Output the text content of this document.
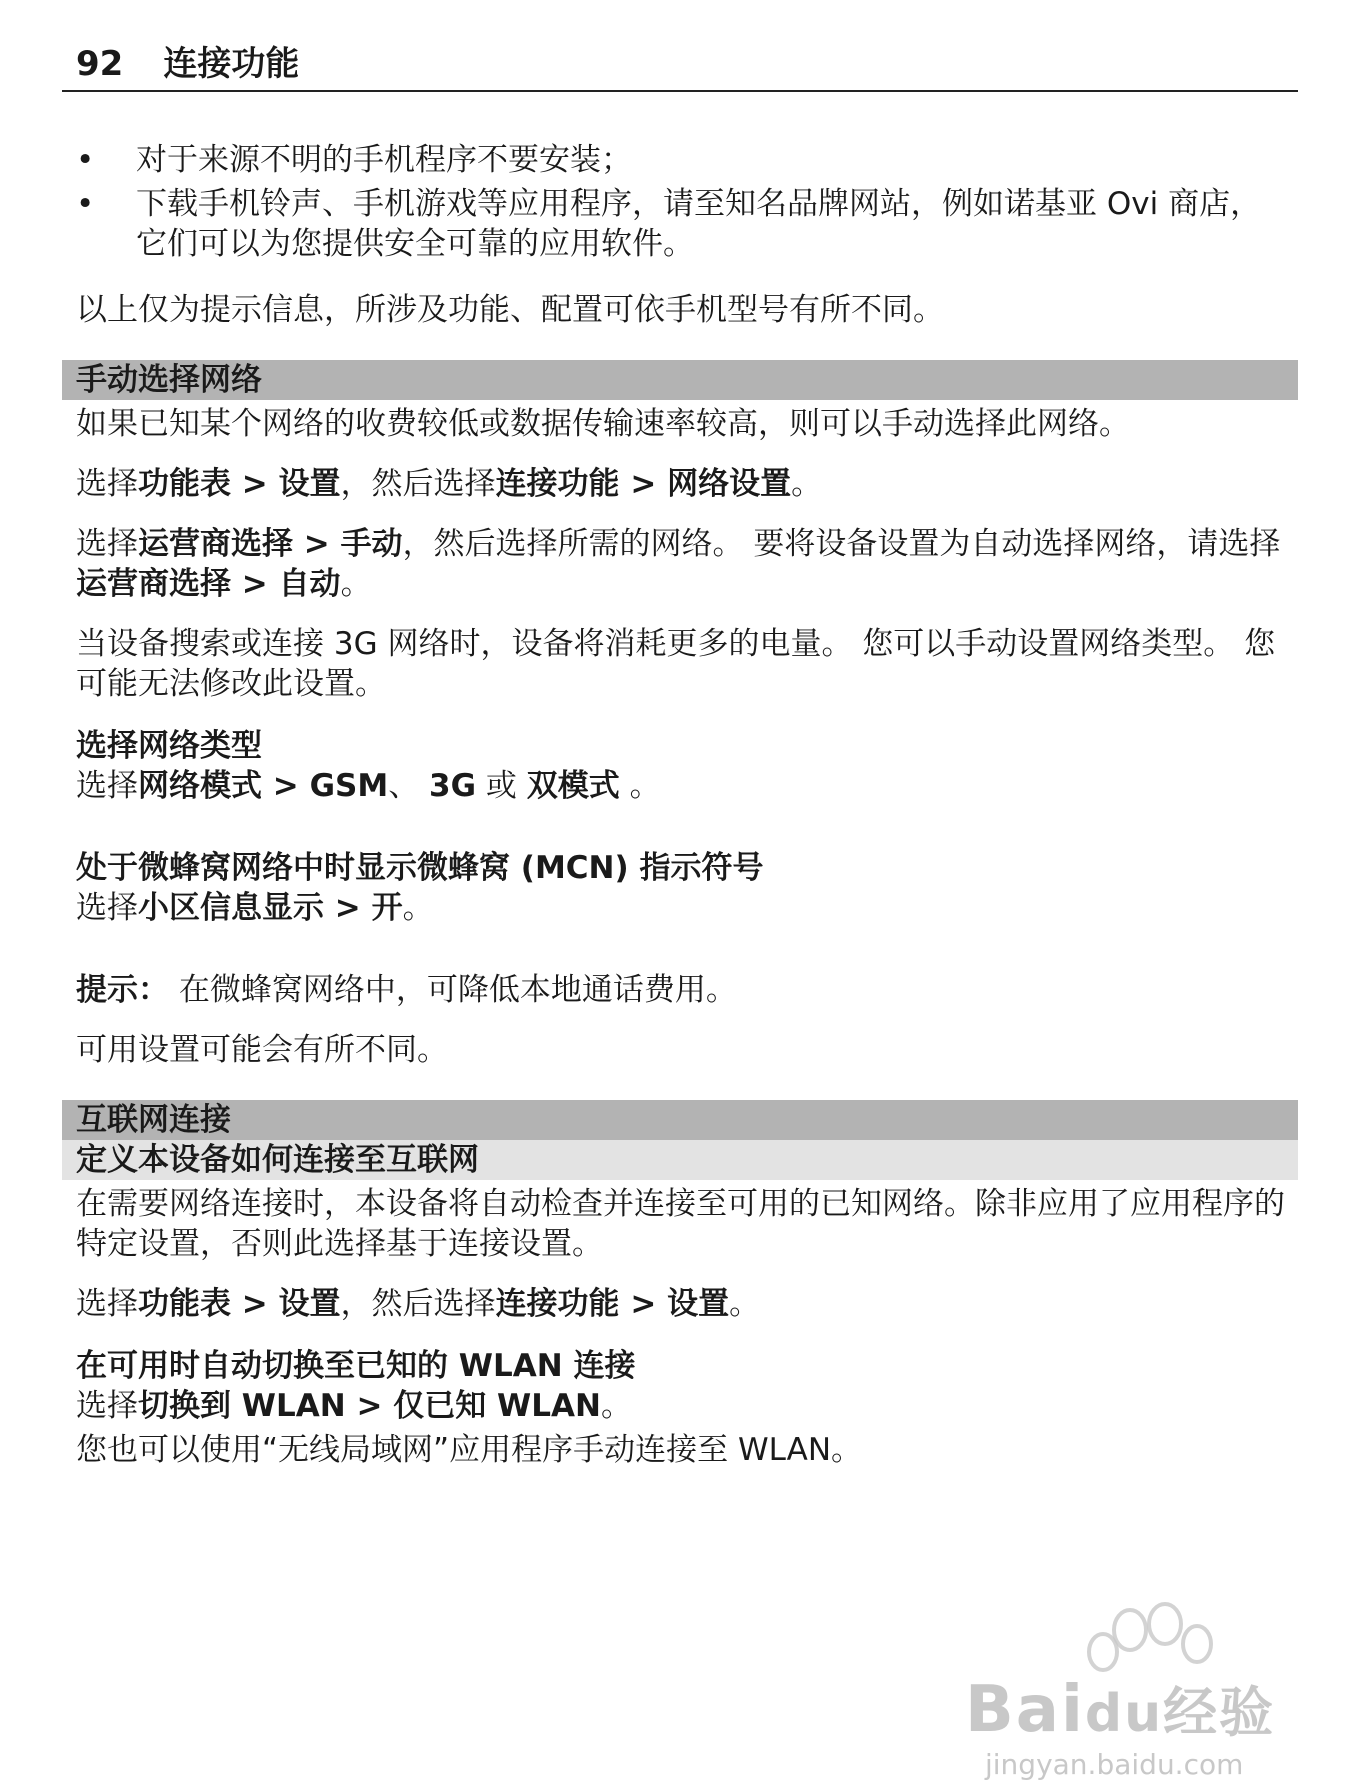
92 连接功能
• 对于来源不明的手机程序不要安装；
• 下载手机铃声、手机游戏等应用程序，请至知名品牌网站，例如诺基亚 Ovi 商店，它们可以为您提供安全可靠的应用软件。

以上仅为提示信息，所涉及功能、配置可依手机型号有所不同。

手动选择网络

如果已知某个网络的收费较低或数据传输速率较高，则可以手动选择此网络。

选择功能表 > 设置，然后选择连接功能 > 网络设置。

选择运营商选择 > 手动，然后选择所需的网络。 要将设备设置为自动选择网络，请选择运营商选择 > 自动。

当设备搜索或连接 3G 网络时，设备将消耗更多的电量。 您可以手动设置网络类型。 您可能无法修改此设置。

选择网络类型

选择网络模式 > GSM、 3G 或 双模式 。

处于微蜂窝网络中时显示微蜂窝 (MCN) 指示符号

选择小区信息显示 > 开。

提示： 在微蜂窝网络中，可降低本地通话费用。

可用设置可能会有所不同。

互联网连接
定义本设备如何连接至互联网

在需要网络连接时，本设备将自动检查并连接至可用的已知网络。除非应用了应用程序的特定设置，否则此选择基于连接设置。

选择功能表 > 设置，然后选择连接功能 > 设置。

在可用时自动切换至已知的 WLAN 连接

选择切换到 WLAN > 仅已知 WLAN。

您也可以使用“无线局域网”应用程序手动连接至 WLAN。

Baidu经验
jingyan.baidu.com
